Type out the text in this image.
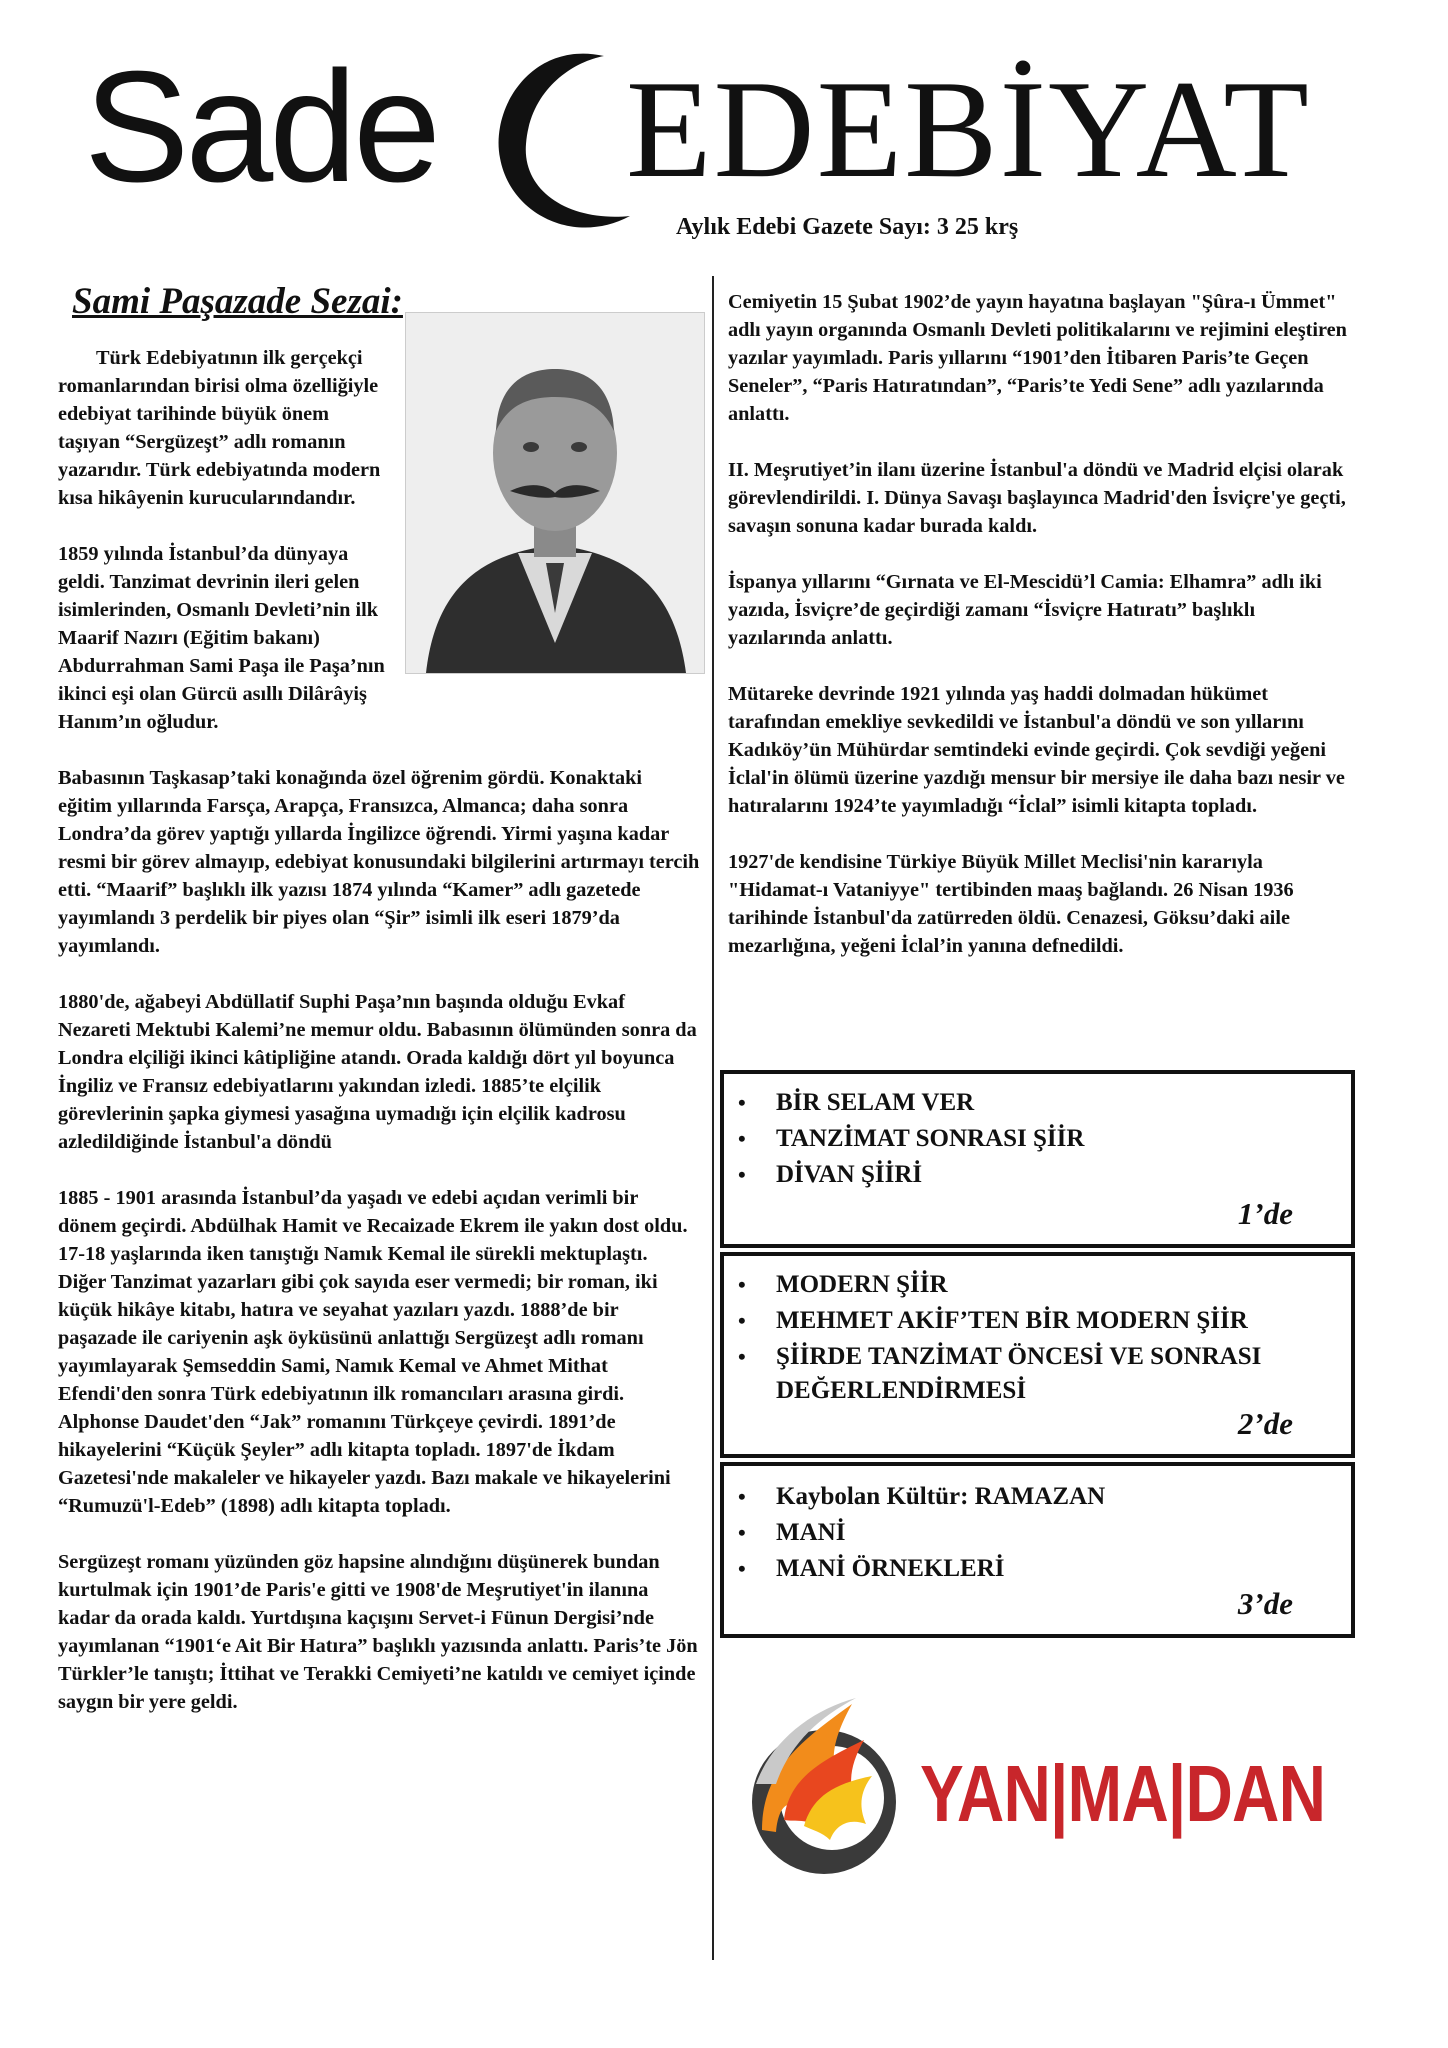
Sade EDEBİYAT
Aylık Edebi Gazete Sayı: 3 25 krş
Sami Paşazade Sezai:

Türk Edebiyatının ilk gerçekçi romanlarından birisi olma özelliğiyle edebiyat tarihinde büyük önem taşıyan “Sergüzeşt” adlı romanın yazarıdır. Türk edebiyatında modern kısa hikâyenin kurucularındandır.

1859 yılında İstanbul’da dünyaya geldi. Tanzimat devrinin ileri gelen isimlerinden, Osmanlı Devleti’nin ilk Maarif Nazırı (Eğitim bakanı) Abdurrahman Sami Paşa ile Paşa’nın ikinci eşi olan Gürcü asıllı Dilârâyiş Hanım’ın oğludur.

Babasının Taşkasap’taki konağında özel öğrenim gördü. Konaktaki eğitim yıllarında Farsça, Arapça, Fransızca, Almanca; daha sonra Londra’da görev yaptığı yıllarda İngilizce öğrendi. Yirmi yaşına kadar resmi bir görev almayıp, edebiyat konusundaki bilgilerini artırmayı tercih etti. “Maarif” başlıklı ilk yazısı 1874 yılında “Kamer” adlı gazetede yayımlandı 3 perdelik bir piyes olan “Şir” isimli ilk eseri 1879’da yayımlandı.

1880'de, ağabeyi Abdüllatif Suphi Paşa’nın başında olduğu Evkaf Nezareti Mektubi Kalemi’ne memur oldu. Babasının ölümünden sonra da Londra elçiliği ikinci kâtipliğine atandı. Orada kaldığı dört yıl boyunca İngiliz ve Fransız edebiyatlarını yakından izledi. 1885’te elçilik görevlerinin şapka giymesi yasağına uymadığı için elçilik kadrosu azledildiğinde İstanbul'a döndü

1885 - 1901 arasında İstanbul’da yaşadı ve edebi açıdan verimli bir dönem geçirdi. Abdülhak Hamit ve Recaizade Ekrem ile yakın dost oldu. 17-18 yaşlarında iken tanıştığı Namık Kemal ile sürekli mektuplaştı. Diğer Tanzimat yazarları gibi çok sayıda eser vermedi; bir roman, iki küçük hikâye kitabı, hatıra ve seyahat yazıları yazdı. 1888’de bir paşazade ile cariyenin aşk öyküsünü anlattığı Sergüzeşt adlı romanı yayımlayarak Şemseddin Sami, Namık Kemal ve Ahmet Mithat Efendi'den sonra Türk edebiyatının ilk romancıları arasına girdi. Alphonse Daudet'den “Jak” romanını Türkçeye çevirdi. 1891’de hikayelerini “Küçük Şeyler” adlı kitapta topladı. 1897'de İkdam Gazetesi'nde makaleler ve hikayeler yazdı. Bazı makale ve hikayelerini “Rumuzü'l-Edeb” (1898) adlı kitapta topladı.

Sergüzeşt romanı yüzünden göz hapsine alındığını düşünerek bundan kurtulmak için 1901’de Paris'e gitti ve 1908'de Meşrutiyet'in ilanına kadar da orada kaldı. Yurtdışına kaçışını Servet-i Fünun Dergisi’nde yayımlanan “1901‘e Ait Bir Hatıra” başlıklı yazısında anlattı. Paris’te Jön Türkler’le tanıştı; İttihat ve Terakki Cemiyeti’ne katıldı ve cemiyet içinde saygın bir yere geldi.

Cemiyetin 15 Şubat 1902’de yayın hayatına başlayan "Şûra-ı Ümmet" adlı yayın organında Osmanlı Devleti politikalarını ve rejimini eleştiren yazılar yayımladı. Paris yıllarını “1901’den İtibaren Paris’te Geçen Seneler”, “Paris Hatıratından”, “Paris’te Yedi Sene” adlı yazılarında anlattı.

II. Meşrutiyet’in ilanı üzerine İstanbul'a döndü ve Madrid elçisi olarak görevlendirildi. I. Dünya Savaşı başlayınca Madrid'den İsviçre'ye geçti, savaşın sonuna kadar burada kaldı.

İspanya yıllarını “Gırnata ve El-Mescidü’l Camia: Elhamra” adlı iki yazıda, İsviçre’de geçirdiği zamanı “İsviçre Hatıratı” başlıklı yazılarında anlattı.

Mütareke devrinde 1921 yılında yaş haddi dolmadan hükümet tarafından emekliye sevkedildi ve İstanbul'a döndü ve son yıllarını Kadıköy’ün Mühürdar semtindeki evinde geçirdi. Çok sevdiği yeğeni İclal'in ölümü üzerine yazdığı mensur bir mersiye ile daha bazı nesir ve hatıralarını 1924’te yayımladığı “İclal” isimli kitapta topladı.

1927'de kendisine Türkiye Büyük Millet Meclisi'nin kararıyla "Hidamat-ı Vataniyye" tertibinden maaş bağlandı. 26 Nisan 1936 tarihinde İstanbul'da zatürreden öldü. Cenazesi, Göksu’daki aile mezarlığına, yeğeni İclal’in yanına defnedildi.

• BİR SELAM VER
• TANZİMAT SONRASI ŞİİR
• DİVAN ŞİİRİ
1’de
• MODERN ŞİİR
• MEHMET AKİF’TEN BİR MODERN ŞİİR
• ŞİİRDE TANZİMAT ÖNCESİ VE SONRASI DEĞERLENDİRMESİ
2’de
• Kaybolan Kültür: RAMAZAN
• MANİ
• MANİ ÖRNEKLERİ
3’de
YAN|MA|DAN
